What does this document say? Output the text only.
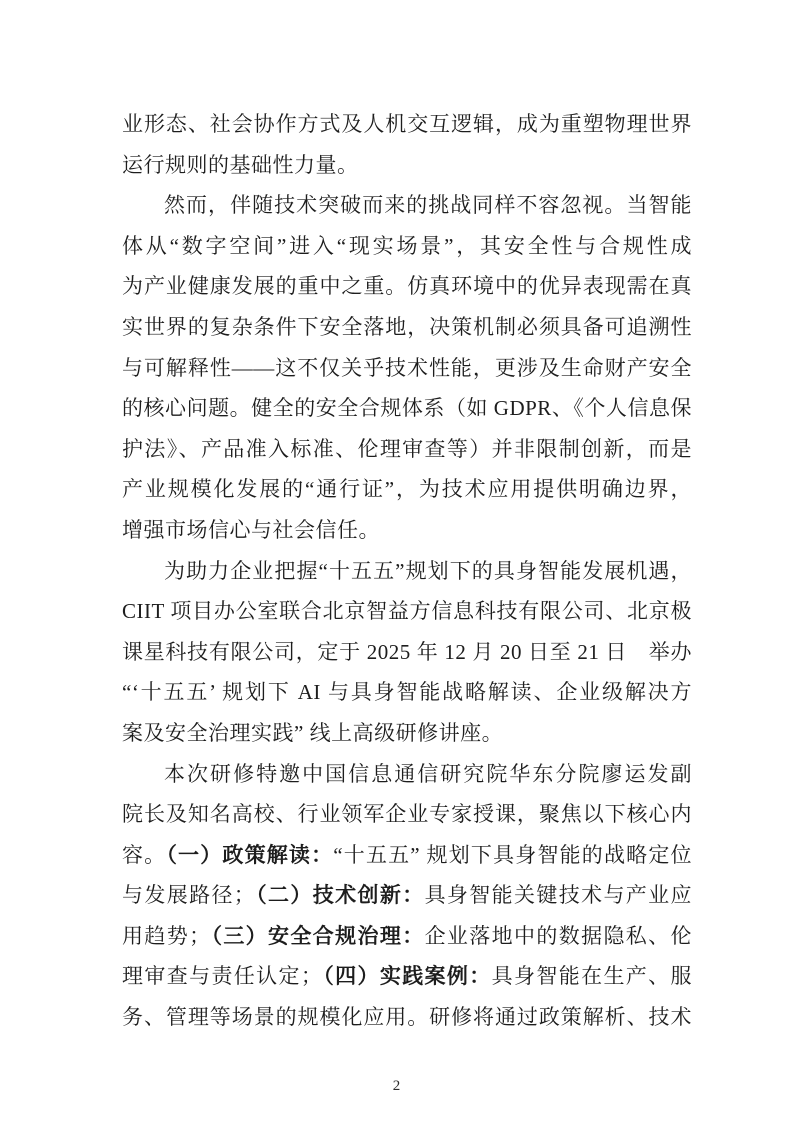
业形态、社会协作方式及人机交互逻辑，成为重塑物理世界
运行规则的基础性力量。
然而，伴随技术突破而来的挑战同样不容忽视。当智能
体从“数字空间”进入“现实场景”，其安全性与合规性成
为产业健康发展的重中之重。仿真环境中的优异表现需在真
实世界的复杂条件下安全落地，决策机制必须具备可追溯性
与可解释性——这不仅关乎技术性能，更涉及生命财产安全
的核心问题。健全的安全合规体系（如 GDPR、《个人信息保
护法》、产品准入标准、伦理审查等）并非限制创新，而是
产业规模化发展的“通行证”，为技术应用提供明确边界，
增强市场信心与社会信任。
为助力企业把握“十五五”规划下的具身智能发展机遇，
CIIT 项目办公室联合北京智益方信息科技有限公司、北京极
课星科技有限公司，定于 2025 年 12 月 20 日至 21 日　举办
“‘十五五’ 规划下 AI 与具身智能战略解读、企业级解决方
案及安全治理实践” 线上高级研修讲座。
本次研修特邀中国信息通信研究院华东分院廖运发副
院长及知名高校、行业领军企业专家授课，聚焦以下核心内
容。（一）政策解读：“十五五” 规划下具身智能的战略定位
与发展路径；（二）技术创新：具身智能关键技术与产业应
用趋势；（三）安全合规治理：企业落地中的数据隐私、伦
理审查与责任认定；（四）实践案例：具身智能在生产、服
务、管理等场景的规模化应用。研修将通过政策解析、技术
2
